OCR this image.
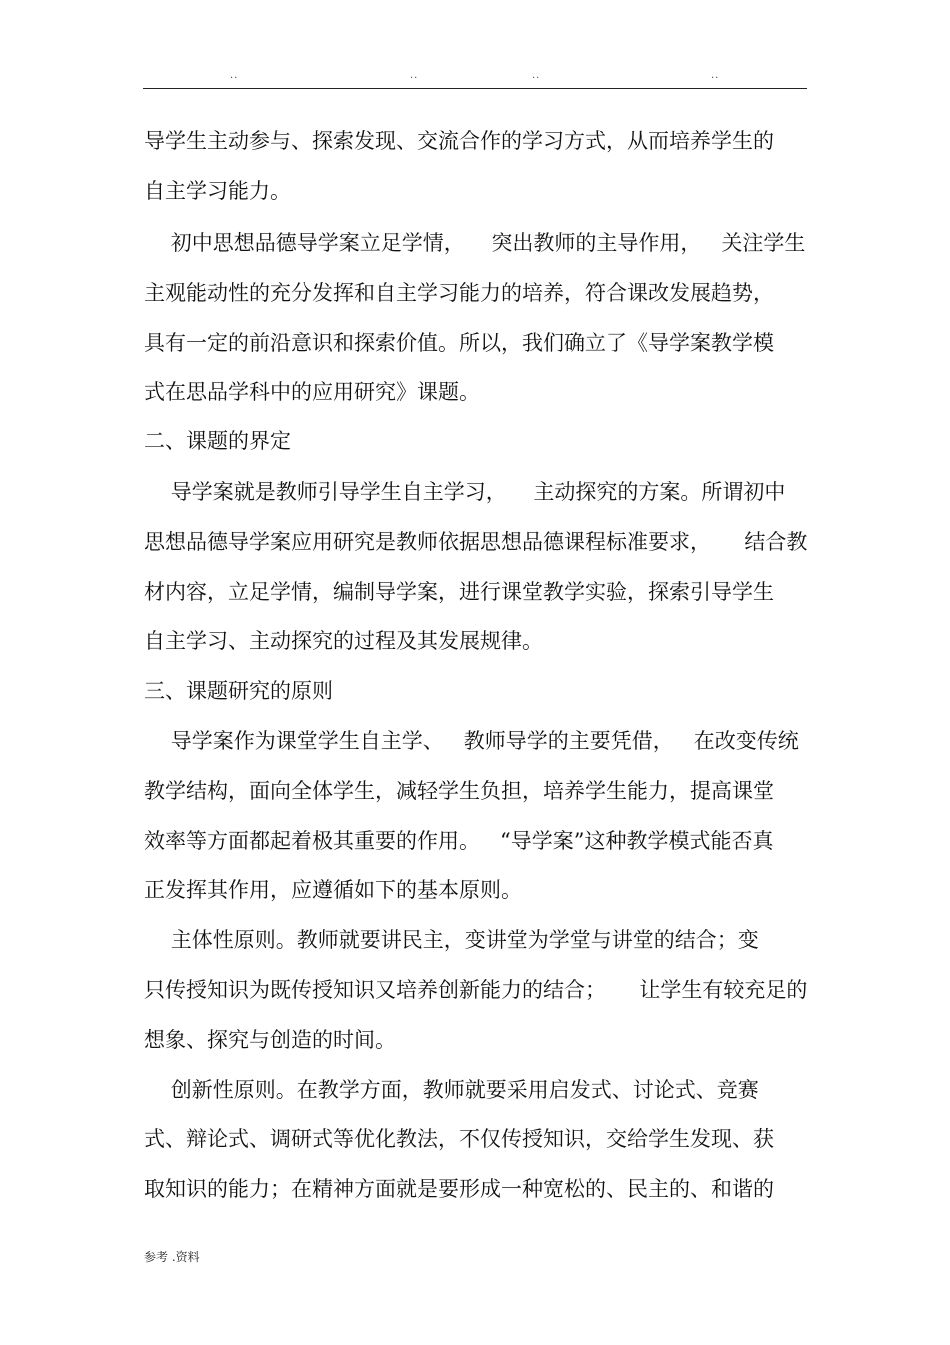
..	..	..	..

导学生主动参与、探索发现、交流合作的学习方式，从而培养学生的

自主学习能力。

初中思想品德导学案立足学情，    突出教师的主导作用，   关注学生

主观能动性的充分发挥和自主学习能力的培养，符合课改发展趋势，

具有一定的前沿意识和探索价值。所以，我们确立了《导学案教学模

式在思品学科中的应用研究》课题。

二、课题的界定

导学案就是教师引导学生自主学习，    主动探究的方案。所谓初中

思想品德导学案应用研究是教师依据思想品德课程标准要求，     结合教

材内容，立足学情，编制导学案，进行课堂教学实验，探索引导学生

自主学习、主动探究的过程及其发展规律。

三、课题研究的原则

导学案作为课堂学生自主学、   教师导学的主要凭借，   在改变传统

教学结构，面向全体学生，减轻学生负担，培养学生能力，提高课堂

效率等方面都起着极其重要的作用。   “导学案”这种教学模式能否真

正发挥其作用，应遵循如下的基本原则。

主体性原则。教师就要讲民主，变讲堂为学堂与讲堂的结合；变

只传授知识为既传授知识又培养创新能力的结合；     让学生有较充足的

想象、探究与创造的时间。

创新性原则。在教学方面，教师就要采用启发式、讨论式、竞赛

式、辩论式、调研式等优化教法，不仅传授知识，交给学生发现、获

取知识的能力；在精神方面就是要形成一种宽松的、民主的、和谐的

参考 .资料
